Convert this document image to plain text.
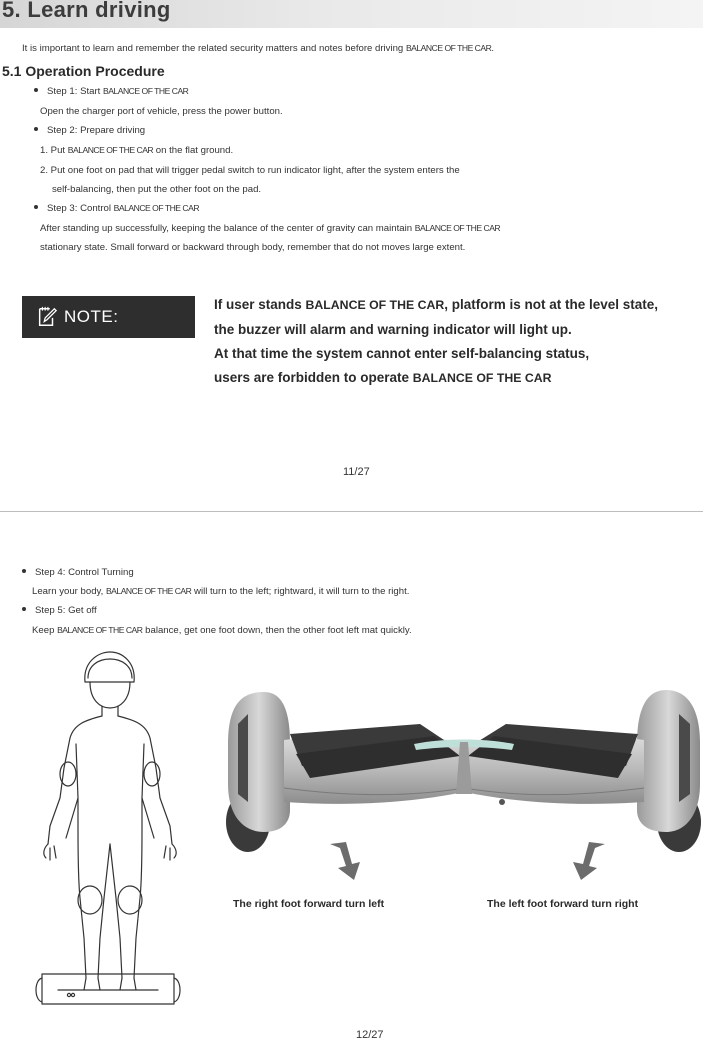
5. Learn driving
It is important to learn and remember the related security matters and notes before driving BALANCE OF THE CAR.
5.1 Operation Procedure
Step 1: Start BALANCE OF THE CAR
Open the charger port of vehicle, press the power button.
Step 2: Prepare driving
1. Put BALANCE OF THE CAR on the flat ground.
2. Put one foot on pad that will trigger pedal switch to run indicator light, after the system enters the
self-balancing, then put the other foot on the pad.
Step 3: Control BALANCE OF THE CAR
After standing up successfully, keeping the balance of the center of gravity can maintain BALANCE OF THE CAR
stationary state. Small forward or backward through body, remember that do not moves large extent.
NOTE:
If user stands BALANCE OF THE CAR, platform is not at the level state,
the buzzer will alarm and warning indicator will light up.
At that time the system cannot enter self-balancing status,
users are forbidden to operate BALANCE OF THE CAR
11/27
Step 4: Control Turning
Learn your body, BALANCE OF THE CAR will turn to the left; rightward, it will turn to the right.
Step 5: Get off
Keep BALANCE OF THE CAR balance, get one foot down, then the other foot left mat quickly.
The right foot forward turn left	The left foot forward turn right
12/27
